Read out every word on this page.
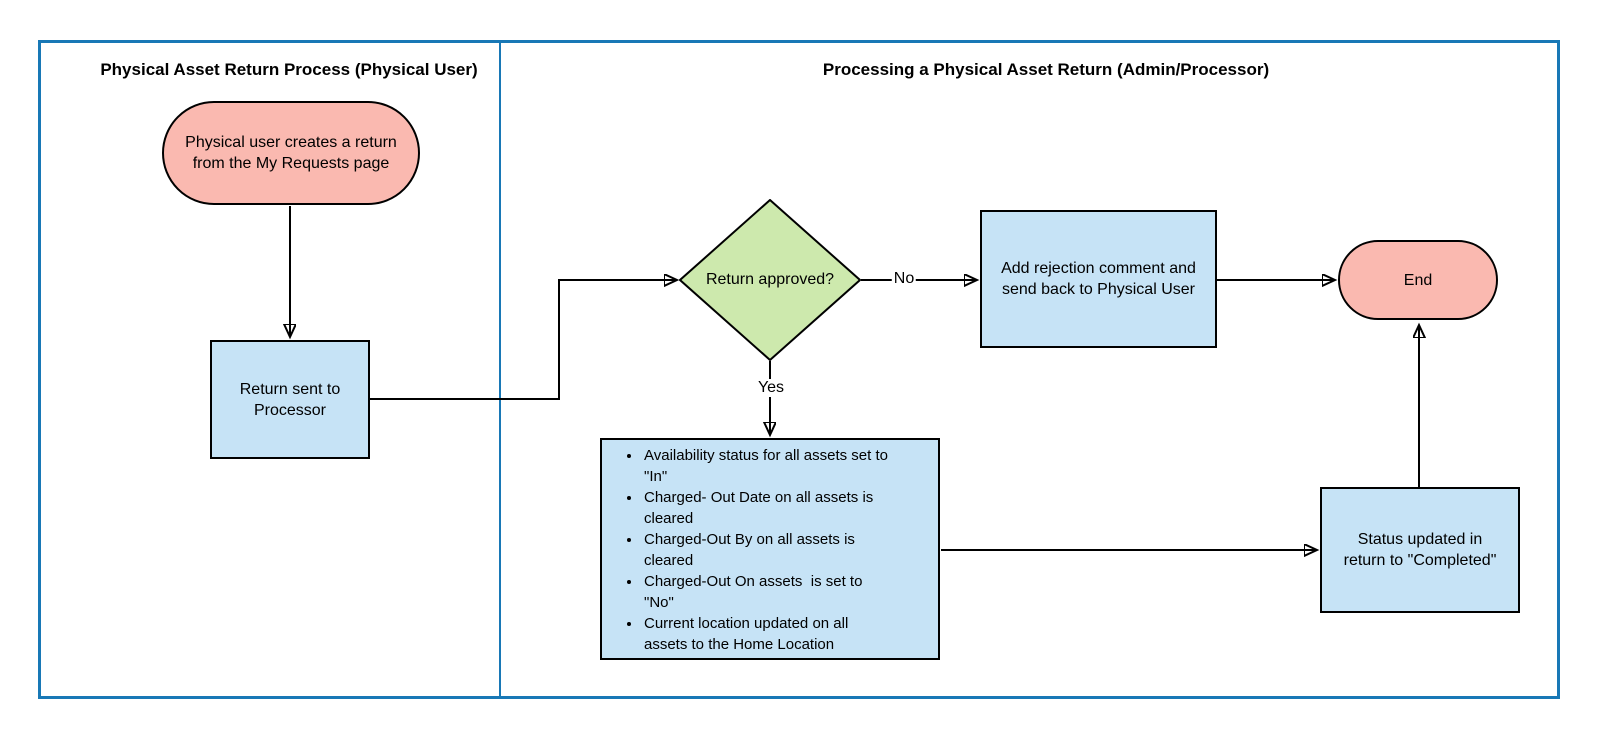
Physical Asset Return Process (Physical User)	Processing a Physical Asset Return (Admin/Processor)
Physical user creates a return from the My Requests page
Return sent to Processor
Return approved?
Add rejection comment and send back to Physical User
End
• Availability status for all assets set to "In"
• Charged- Out Date on all assets is cleared
• Charged-Out By on all assets is cleared
• Charged-Out On assets  is set to "No"
• Current location updated on all assets to the Home Location
Status updated in return to "Completed"
No
Yes
